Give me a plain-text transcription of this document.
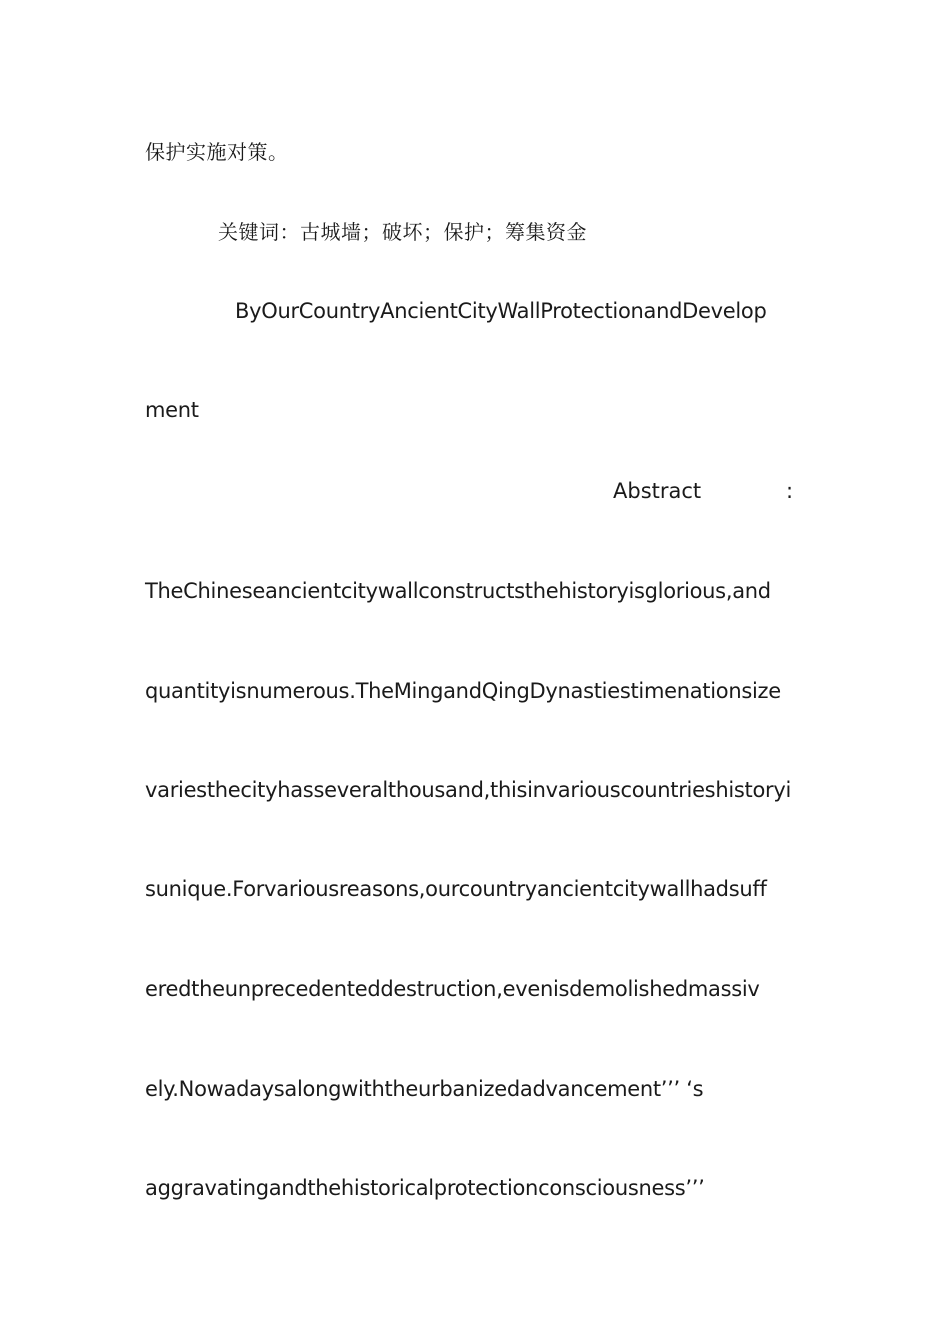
保护实施对策。
关键词：古城墙；破坏；保护；筹集资金
ByOurCountryAncientCityWallProtectionandDevelop
ment
Abstract	:
TheChineseancientcitywallconstructsthehistoryisglorious,and
quantityisnumerous.TheMingandQingDynastiestimenationsize
variesthecityhasseveralthousand,thisinvariouscountrieshistoryi
sunique.Forvariousreasons,ourcountryancientcitywallhadsuff
eredtheunprecedenteddestruction,evenisdemolishedmassiv
ely.Nowadaysalongwiththeurbanizedadvancement’’’ ‘s
aggravatingandthehistoricalprotectionconsciousness’’’
